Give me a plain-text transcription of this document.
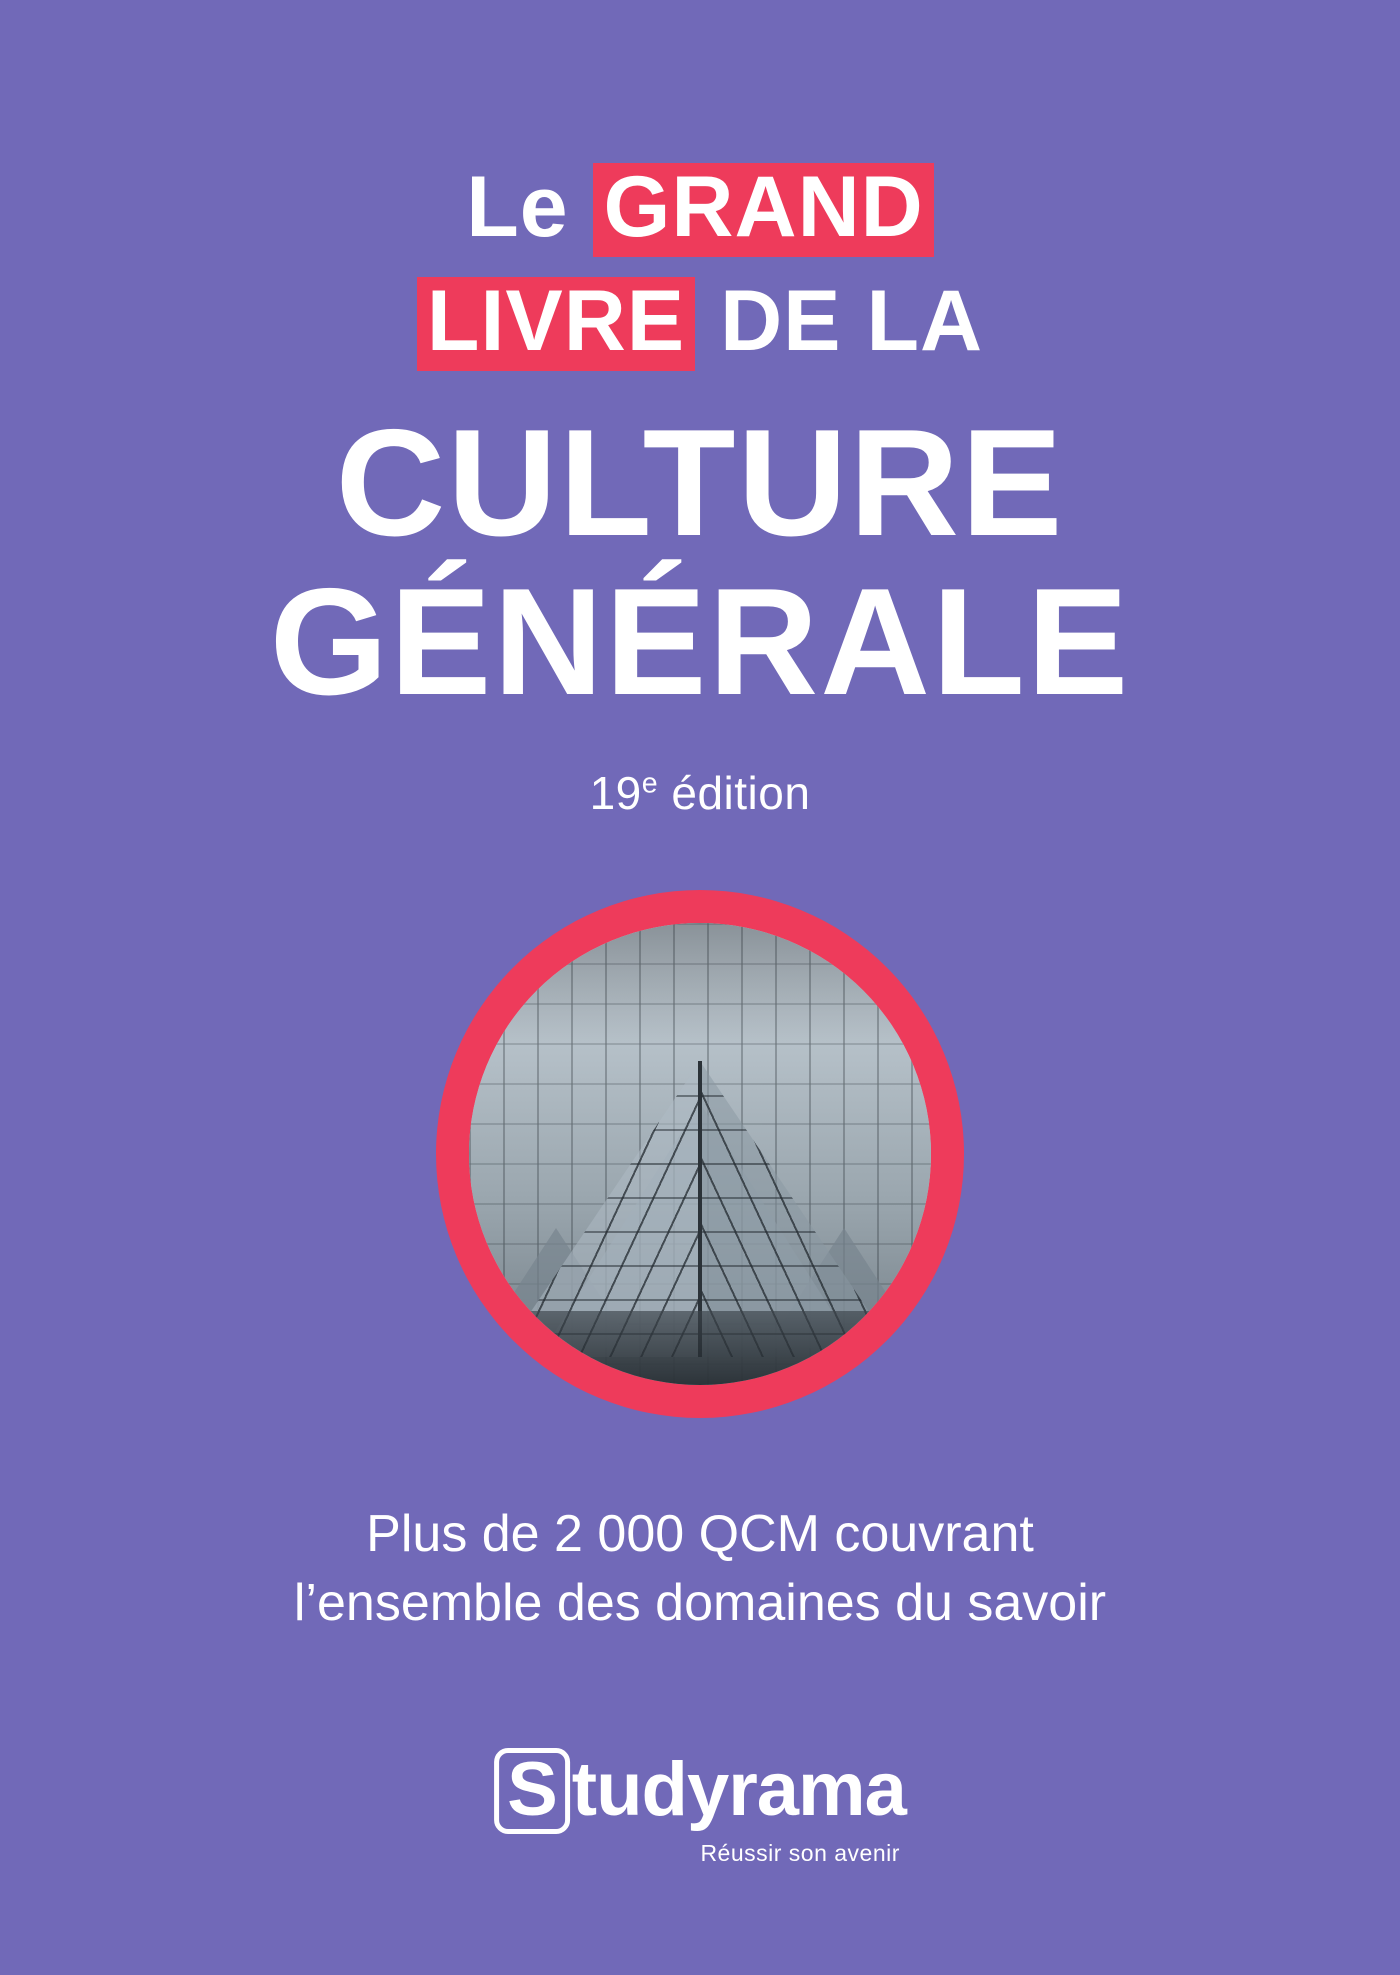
Le GRAND
LIVRE DE LA
CULTURE
GÉNÉRALE
19e édition
Plus de 2 000 QCM couvrant
l’ensemble des domaines du savoir
S tudyrama
Réussir son avenir
